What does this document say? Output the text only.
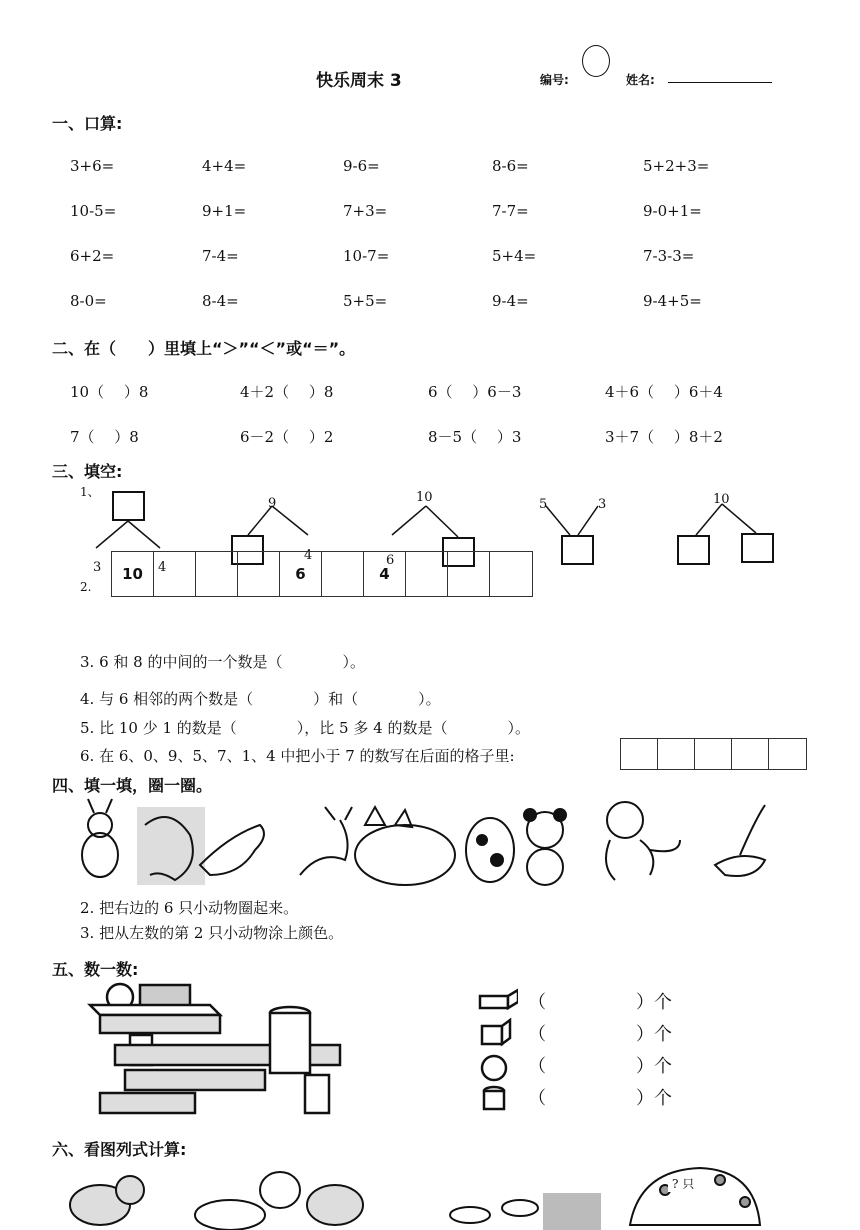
快乐周末 3	编号:	姓名:
一、口算:
3+6=	4+4=	9-6=	8-6=	5+2+3=
10-5=	9+1=	7+3=	7-7=	9-0+1=
6+2=	7-4=	10-7=	5+4=	7-3-3=
8-0=	8-4=	5+5=	9-4=	9-4+5=
二、在（　　）里填上“＞”“＜”或“＝”。
10（　 ）8	4＋2（　 ）8	6（　 ）6－3	4＋6（　 ）6＋4
7（　 ）8	6－2（　 ）2	8－5（　 ）3	3＋7（　 ）8＋2
三、填空:
1、
3	4
9
4
10
6
5	3	10
2.
10	6	4
3. 6 和 8 的中间的一个数是（　　　　）。
4. 与 6 相邻的两个数是（　　　　）和（　　　　）。
5. 比 10 少 1 的数是（　　　　），比 5 多 4 的数是（　　　　）。
6. 在 6、0、9、5、7、1、4 中把小于 7 的数写在后面的格子里:
四、填一填，圈一圈。
2. 把右边的 6 只小动物圈起来。
3. 把从左数的第 2 只小动物涂上颜色。
五、数一数:
（　　　　　）个
（　　　　　）个
（　　　　　）个
（　　　　　）个
六、看图列式计算:
? 只
